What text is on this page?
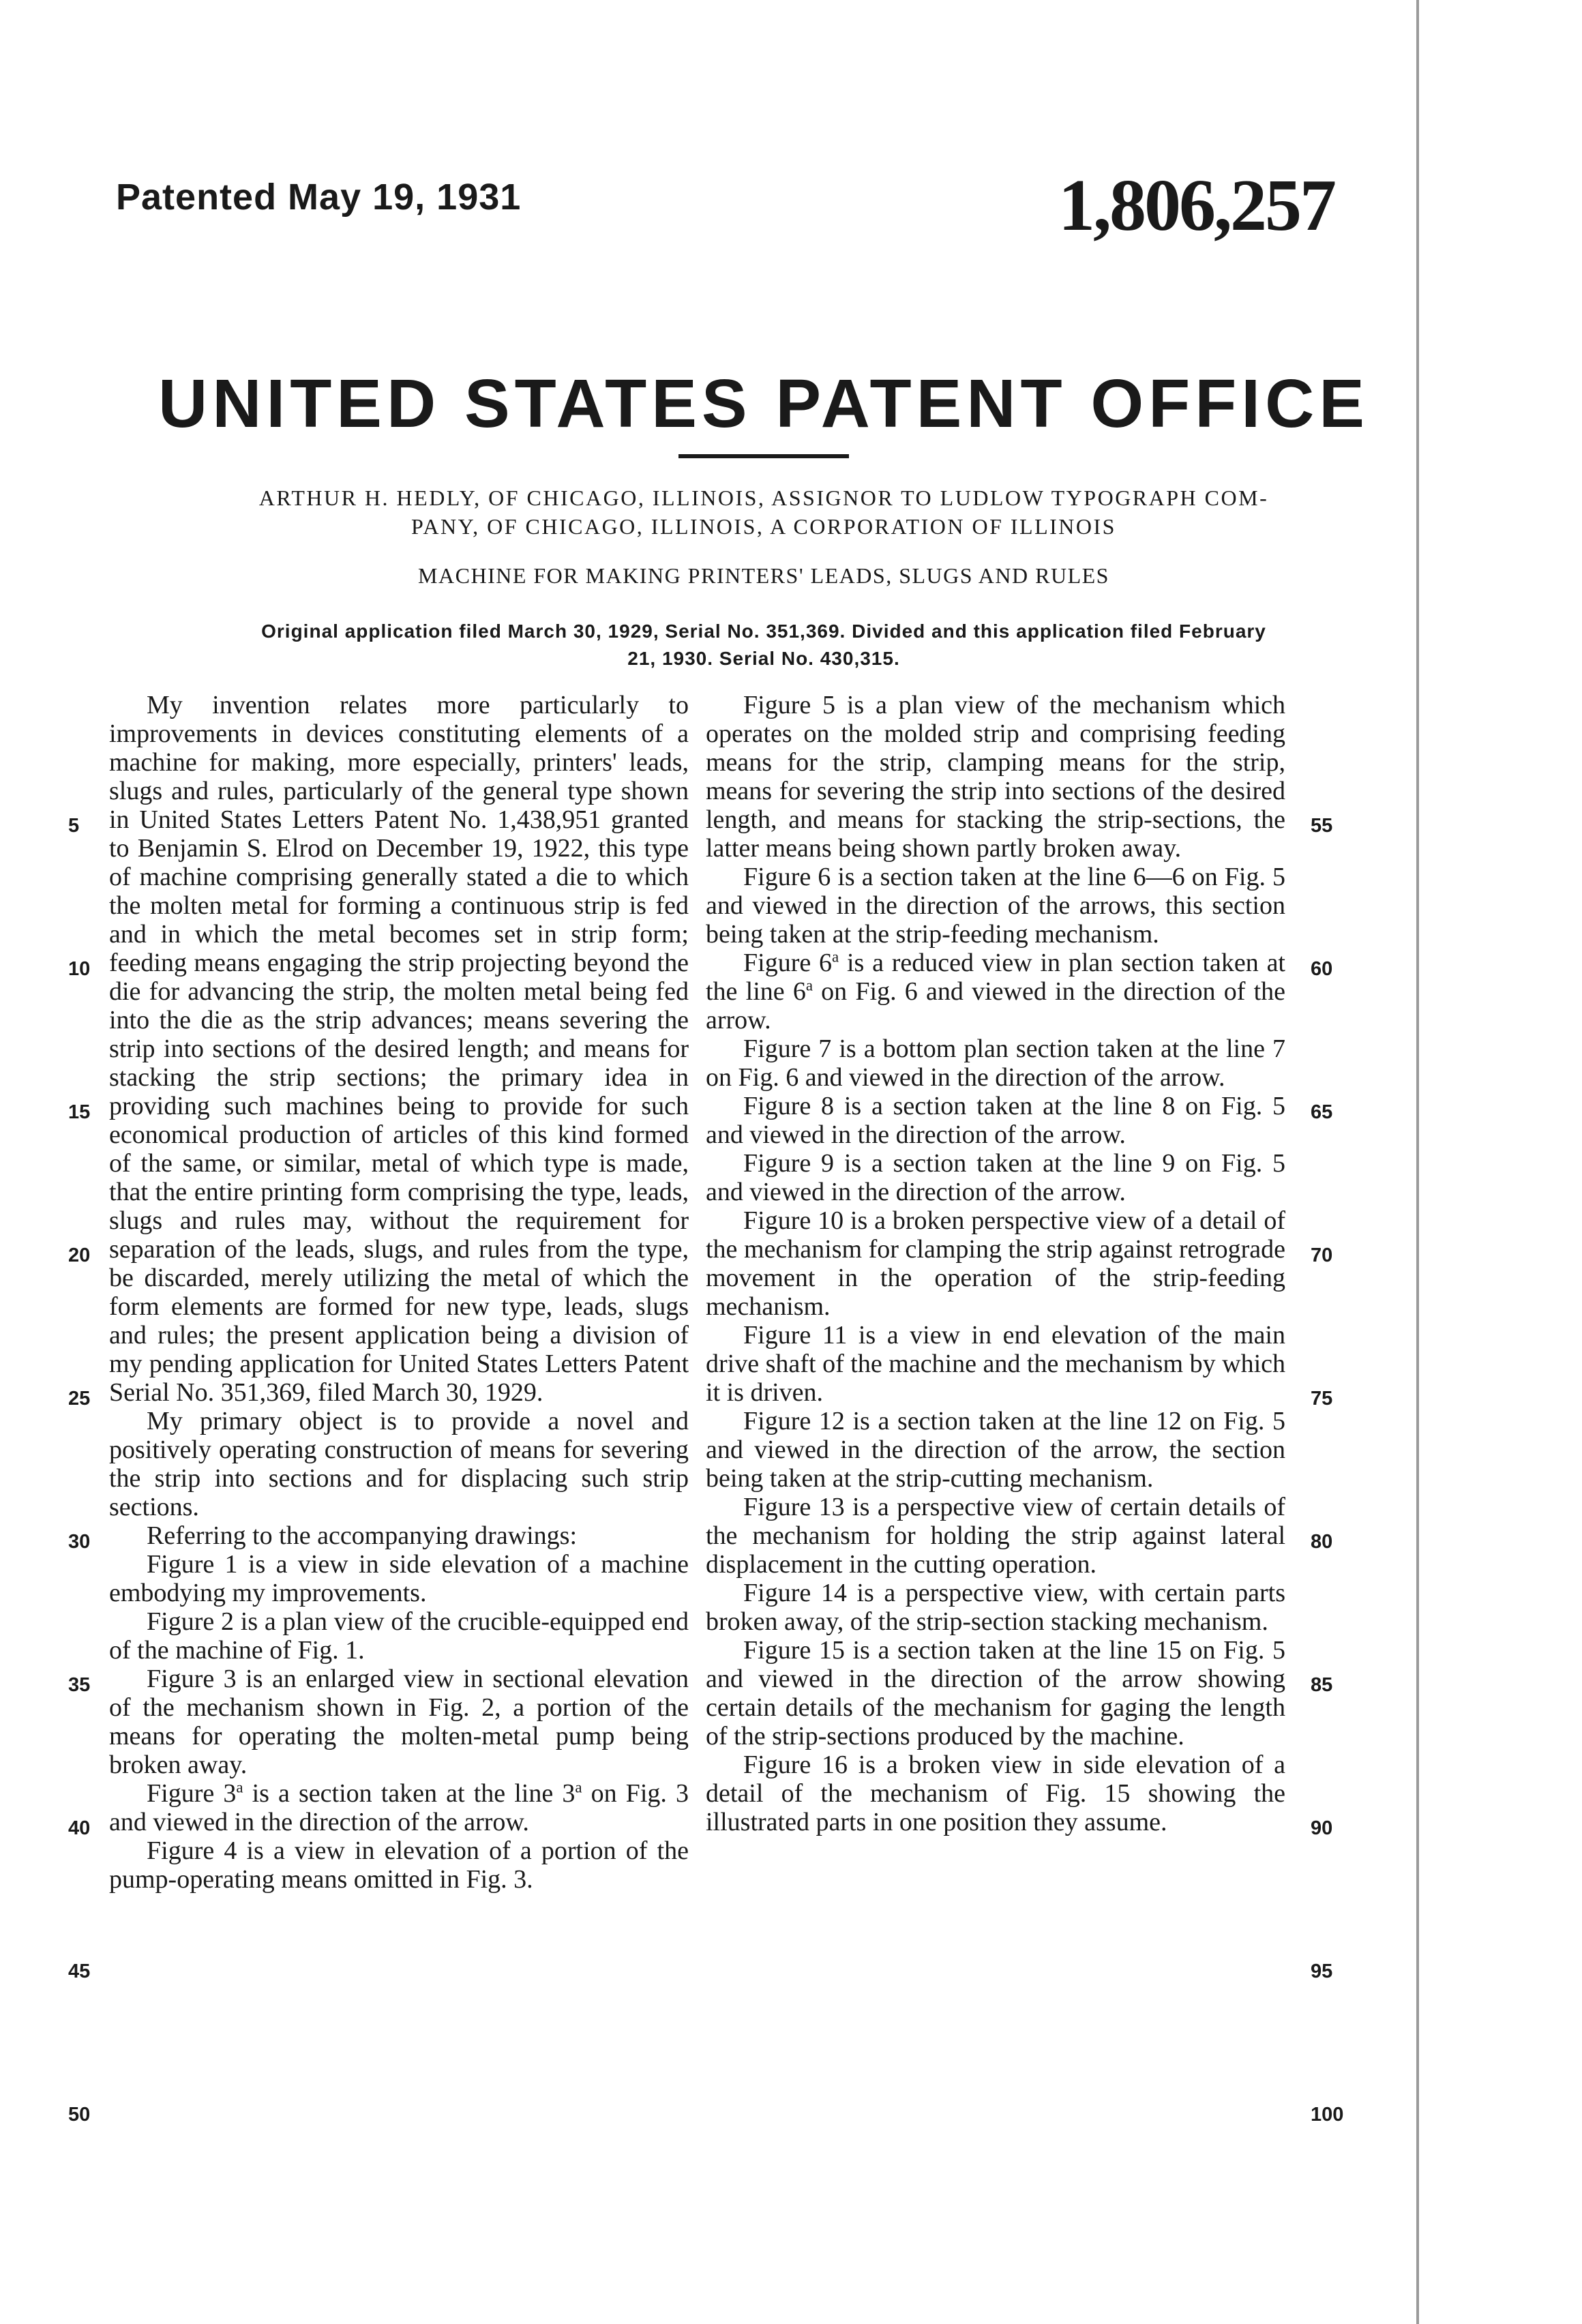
Patented May 19, 1931	1,806,257
UNITED STATES PATENT OFFICE
ARTHUR H. HEDLY, OF CHICAGO, ILLINOIS, ASSIGNOR TO LUDLOW TYPOGRAPH COM-
PANY, OF CHICAGO, ILLINOIS, A CORPORATION OF ILLINOIS
MACHINE FOR MAKING PRINTERS' LEADS, SLUGS AND RULES
Original application filed March 30, 1929, Serial No. 351,369. Divided and this application filed February
21, 1930. Serial No. 430,315.

My invention relates more particularly to improvements in devices constituting elements of a machine for making, more especially, printers' leads, slugs and rules, particularly of the general type shown in United States Letters Patent No. 1,438,951 granted to Benjamin S. Elrod on December 19, 1922, this type of machine comprising generally stated a die to which the molten metal for forming a continuous strip is fed and in which the metal becomes set in strip form; feeding means engaging the strip projecting beyond the die for advancing the strip, the molten metal being fed into the die as the strip advances; means severing the strip into sections of the desired length; and means for stacking the strip sections; the primary idea in providing such machines being to provide for such economical production of articles of this kind formed of the same, or similar, metal of which type is made, that the entire printing form comprising the type, leads, slugs and rules may, without the requirement for separation of the leads, slugs, and rules from the type, be discarded, merely utilizing the metal of which the form elements are formed for new type, leads, slugs and rules; the present application being a division of my pending application for United States Letters Patent Serial No. 351,369, filed March 30, 1929.

My primary object is to provide a novel and positively operating construction of means for severing the strip into sections and for displacing such strip sections.

Referring to the accompanying drawings:

Figure 1 is a view in side elevation of a machine embodying my improvements.

Figure 2 is a plan view of the crucible-equipped end of the machine of Fig. 1.

Figure 3 is an enlarged view in sectional elevation of the mechanism shown in Fig. 2, a portion of the means for operating the molten-metal pump being broken away.

Figure 3$^a$ is a section taken at the line 3$^a$ on Fig. 3 and viewed in the direction of the arrow.

Figure 4 is a view in elevation of a portion of the pump-operating means omitted in Fig. 3.

Figure 5 is a plan view of the mechanism which operates on the molded strip and comprising feeding means for the strip, clamping means for the strip, means for severing the strip into sections of the desired length, and means for stacking the strip-sections, the latter means being shown partly broken away.

Figure 6 is a section taken at the line 6—6 on Fig. 5 and viewed in the direction of the arrows, this section being taken at the strip-feeding mechanism.

Figure 6$^a$ is a reduced view in plan section taken at the line 6$^a$ on Fig. 6 and viewed in the direction of the arrow.

Figure 7 is a bottom plan section taken at the line 7 on Fig. 6 and viewed in the direction of the arrow.

Figure 8 is a section taken at the line 8 on Fig. 5 and viewed in the direction of the arrow.

Figure 9 is a section taken at the line 9 on Fig. 5 and viewed in the direction of the arrow.

Figure 10 is a broken perspective view of a detail of the mechanism for clamping the strip against retrograde movement in the operation of the strip-feeding mechanism.

Figure 11 is a view in end elevation of the main drive shaft of the machine and the mechanism by which it is driven.

Figure 12 is a section taken at the line 12 on Fig. 5 and viewed in the direction of the arrow, the section being taken at the strip-cutting mechanism.

Figure 13 is a perspective view of certain details of the mechanism for holding the strip against lateral displacement in the cutting operation.

Figure 14 is a perspective view, with certain parts broken away, of the strip-section stacking mechanism.

Figure 15 is a section taken at the line 15 on Fig. 5 and viewed in the direction of the arrow showing certain details of the mechanism for gaging the length of the strip-sections produced by the machine.

Figure 16 is a broken view in side elevation of a detail of the mechanism of Fig. 15 showing the illustrated parts in one position they assume.

5
10
15
20
25
30
35
40
45
50
55
60
65
70
75
80
85
90
95
100
